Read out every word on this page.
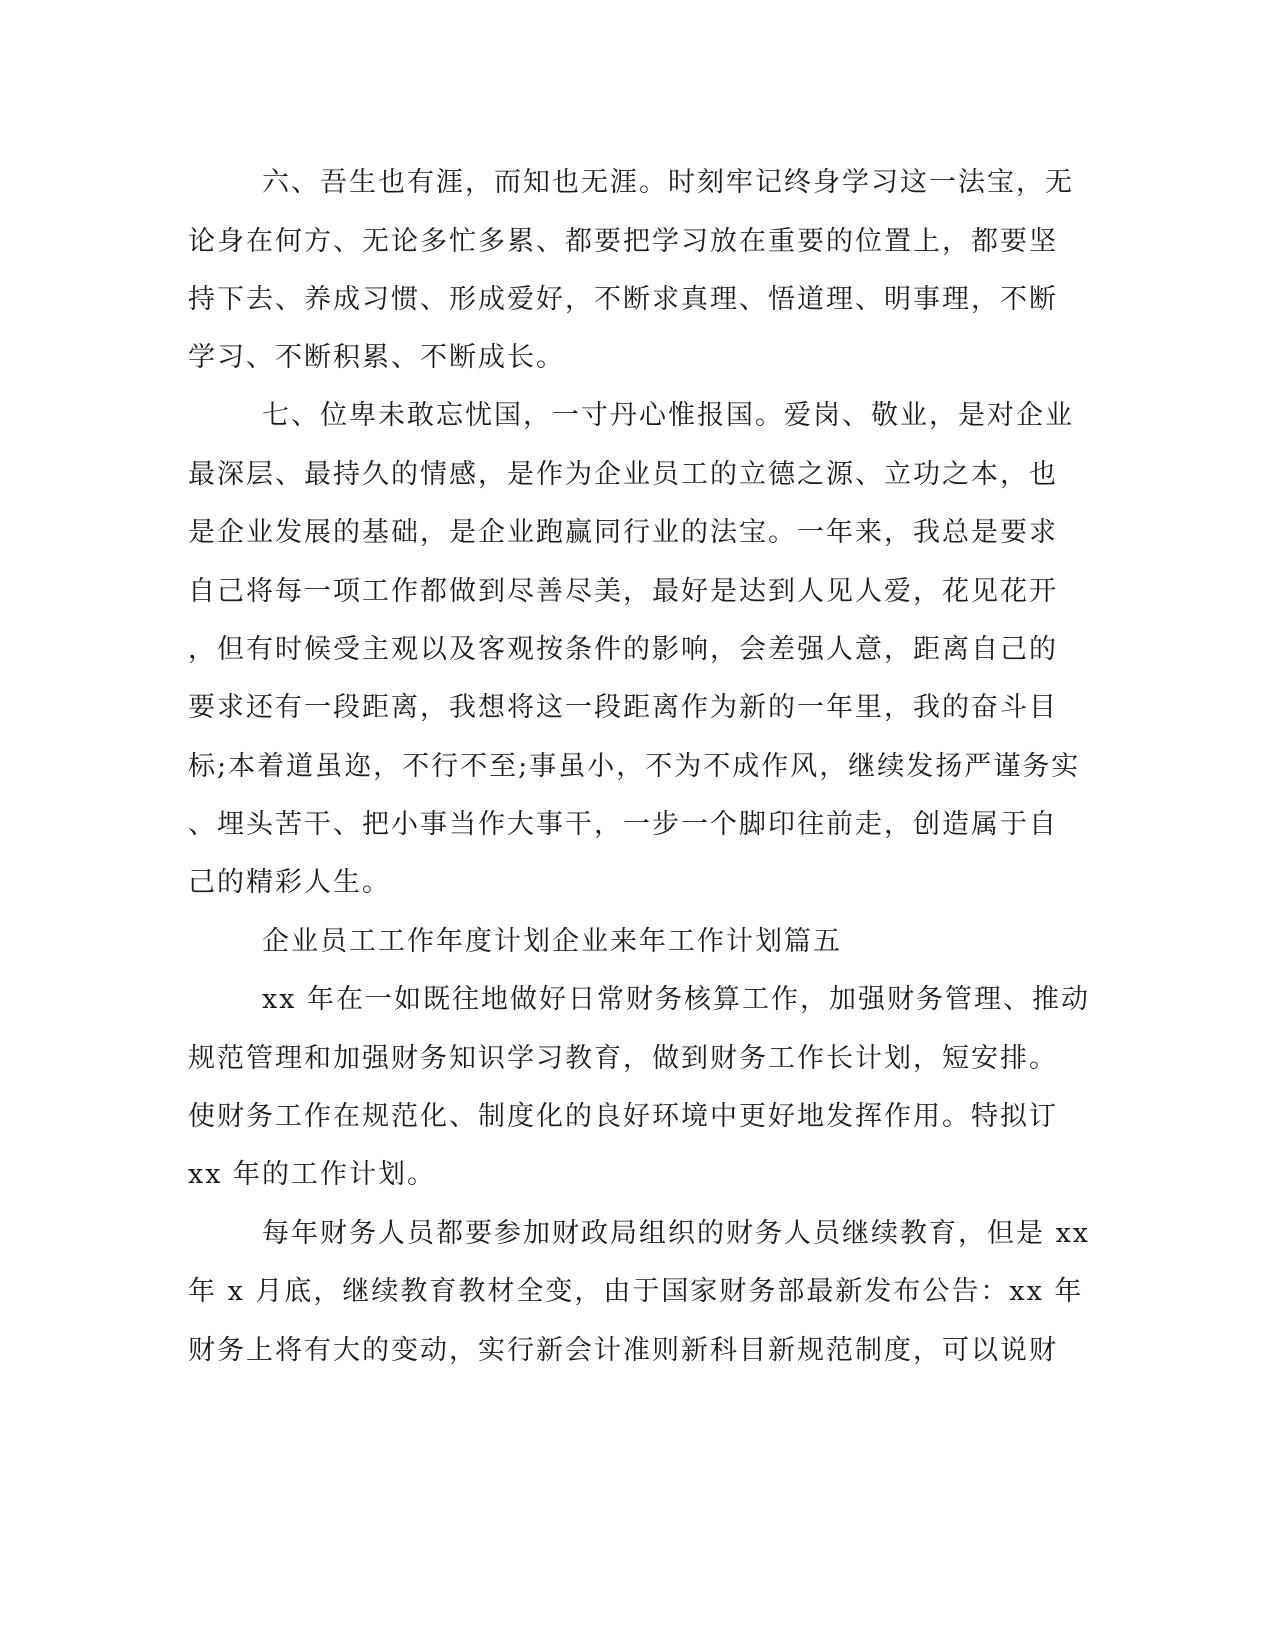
六、吾生也有涯，而知也无涯。时刻牢记终身学习这一法宝，无
论身在何方、无论多忙多累、都要把学习放在重要的位置上，都要坚
持下去、养成习惯、形成爱好，不断求真理、悟道理、明事理，不断
学习、不断积累、不断成长。
七、位卑未敢忘忧国，一寸丹心惟报国。爱岗、敬业，是对企业
最深层、最持久的情感，是作为企业员工的立德之源、立功之本，也
是企业发展的基础，是企业跑赢同行业的法宝。一年来，我总是要求
自己将每一项工作都做到尽善尽美，最好是达到人见人爱，花见花开
，但有时候受主观以及客观按条件的影响，会差强人意，距离自己的
要求还有一段距离，我想将这一段距离作为新的一年里，我的奋斗目
标;本着道虽迩，不行不至;事虽小，不为不成作风，继续发扬严谨务实
、埋头苦干、把小事当作大事干，一步一个脚印往前走，创造属于自
己的精彩人生。
企业员工工作年度计划企业来年工作计划篇五
xx 年在一如既往地做好日常财务核算工作，加强财务管理、推动
规范管理和加强财务知识学习教育，做到财务工作长计划，短安排。
使财务工作在规范化、制度化的良好环境中更好地发挥作用。特拟订
xx 年的工作计划。
每年财务人员都要参加财政局组织的财务人员继续教育，但是 xx
年 x 月底，继续教育教材全变，由于国家财务部最新发布公告：xx 年
财务上将有大的变动，实行新会计准则新科目新规范制度，可以说财
